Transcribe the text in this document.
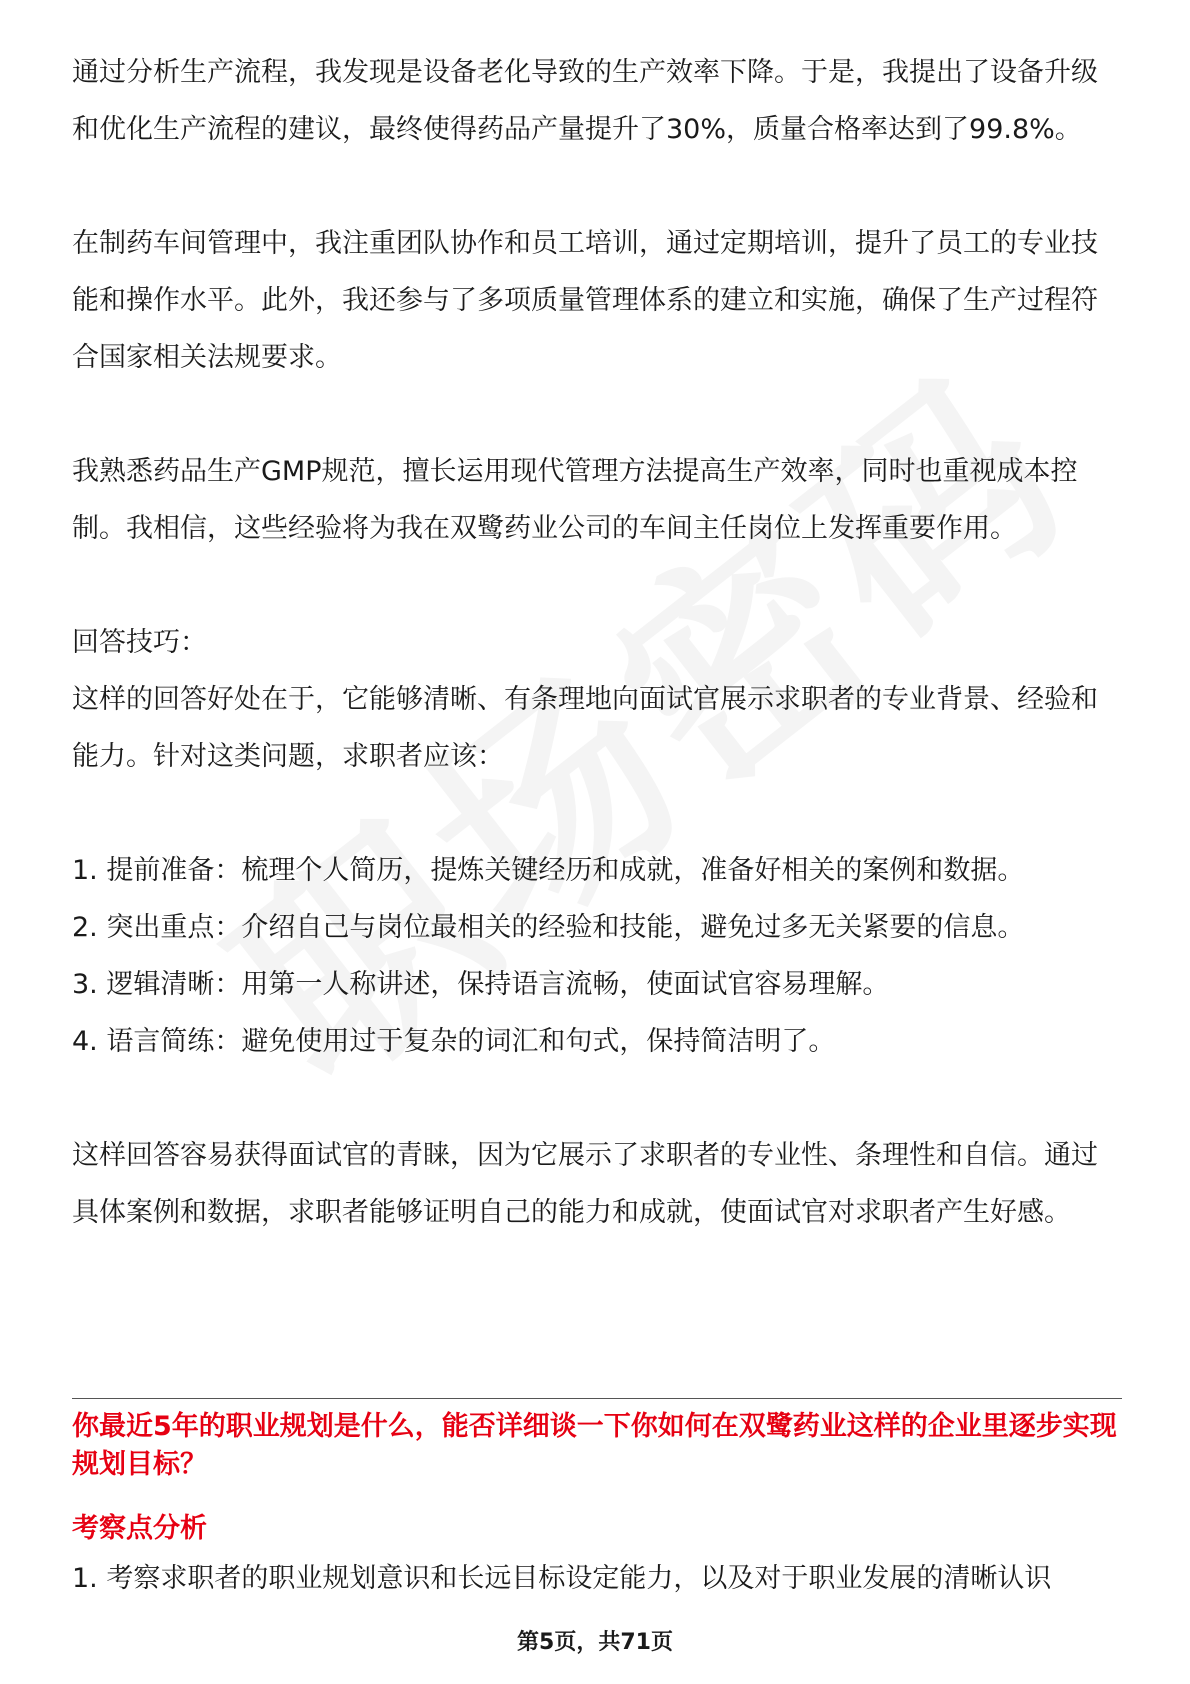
通过分析生产流程，我发现是设备老化导致的生产效率下降。于是，我提出了设备升级和优化生产流程的建议，最终使得药品产量提升了30%，质量合格率达到了99.8%。

在制药车间管理中，我注重团队协作和员工培训，通过定期培训，提升了员工的专业技能和操作水平。此外，我还参与了多项质量管理体系的建立和实施，确保了生产过程符合国家相关法规要求。

我熟悉药品生产GMP规范，擅长运用现代管理方法提高生产效率，同时也重视成本控制。我相信，这些经验将为我在双鹭药业公司的车间主任岗位上发挥重要作用。

回答技巧：

这样的回答好处在于，它能够清晰、有条理地向面试官展示求职者的专业背景、经验和能力。针对这类问题，求职者应该：

1. 提前准备：梳理个人简历，提炼关键经历和成就，准备好相关的案例和数据。

2. 突出重点：介绍自己与岗位最相关的经验和技能，避免过多无关紧要的信息。

3. 逻辑清晰：用第一人称讲述，保持语言流畅，使面试官容易理解。

4. 语言简练：避免使用过于复杂的词汇和句式，保持简洁明了。

这样回答容易获得面试官的青睐，因为它展示了求职者的专业性、条理性和自信。通过具体案例和数据，求职者能够证明自己的能力和成就，使面试官对求职者产生好感。

你最近5年的职业规划是什么，能否详细谈一下你如何在双鹭药业这样的企业里逐步实现规划目标？

考察点分析

1. 考察求职者的职业规划意识和长远目标设定能力，以及对于职业发展的清晰认识

第5页，共71页
